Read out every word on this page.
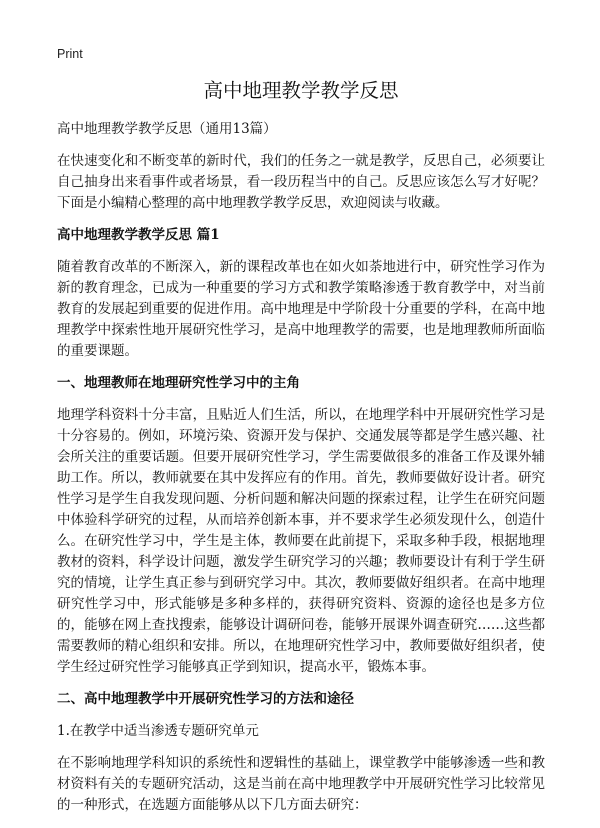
Print
高中地理教学教学反思

高中地理教学教学反思（通用13篇）

在快速变化和不断变革的新时代，我们的任务之一就是教学，反思自己，必须要让自己抽身出来看事件或者场景，看一段历程当中的自己。反思应该怎么写才好呢？下面是小编精心整理的高中地理教学教学反思，欢迎阅读与收藏。

高中地理教学教学反思 篇1

随着教育改革的不断深入，新的课程改革也在如火如荼地进行中，研究性学习作为新的教育理念，已成为一种重要的学习方式和教学策略渗透于教育教学中，对当前教育的发展起到重要的促进作用。高中地理是中学阶段十分重要的学科，在高中地理教学中探索性地开展研究性学习，是高中地理教学的需要，也是地理教师所面临的重要课题。

一、地理教师在地理研究性学习中的主角

地理学科资料十分丰富，且贴近人们生活，所以，在地理学科中开展研究性学习是十分容易的。例如，环境污染、资源开发与保护、交通发展等都是学生感兴趣、社会所关注的重要话题。但要开展研究性学习，学生需要做很多的准备工作及课外辅助工作。所以，教师就要在其中发挥应有的作用。首先，教师要做好设计者。研究性学习是学生自我发现问题、分析问题和解决问题的探索过程，让学生在研究问题中体验科学研究的过程，从而培养创新本事，并不要求学生必须发现什么，创造什么。在研究性学习中，学生是主体，教师要在此前提下，采取多种手段，根据地理教材的资料，科学设计问题，激发学生研究学习的兴趣；教师要设计有利于学生研究的情境，让学生真正参与到研究学习中。其次，教师要做好组织者。在高中地理研究性学习中，形式能够是多种多样的，获得研究资料、资源的途径也是多方位的，能够在网上查找搜索，能够设计调研问卷，能够开展课外调查研究……这些都需要教师的精心组织和安排。所以，在地理研究性学习中，教师要做好组织者，使学生经过研究性学习能够真正学到知识，提高水平，锻炼本事。

二、高中地理教学中开展研究性学习的方法和途径

1.在教学中适当渗透专题研究单元

在不影响地理学科知识的系统性和逻辑性的基础上，课堂教学中能够渗透一些和教材资料有关的专题研究活动，这是当前在高中地理教学中开展研究性学习比较常见的一种形式，在选题方面能够从以下几方面去研究：
